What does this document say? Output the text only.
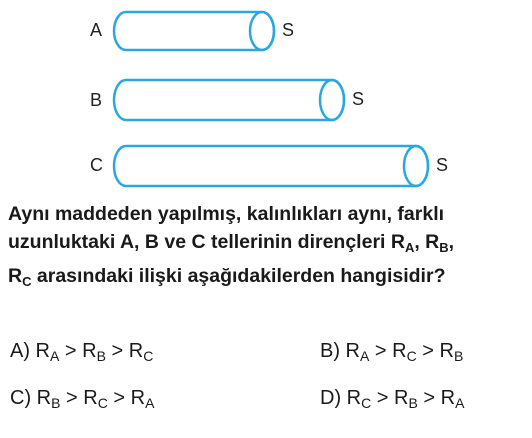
A	S
B	S
C	S
Aynı maddeden yapılmış, kalınlıkları aynı, farklı
uzunluktaki A, B ve C tellerinin dirençleri $R_A$, $R_B$,
$R_C$ arasındaki ilişki aşağıdakilerden hangisidir?
A) $R_A > R_B > R_C$	B) $R_A > R_C > R_B$
C) $R_B > R_C > R_A$	D) $R_C > R_B > R_A$
